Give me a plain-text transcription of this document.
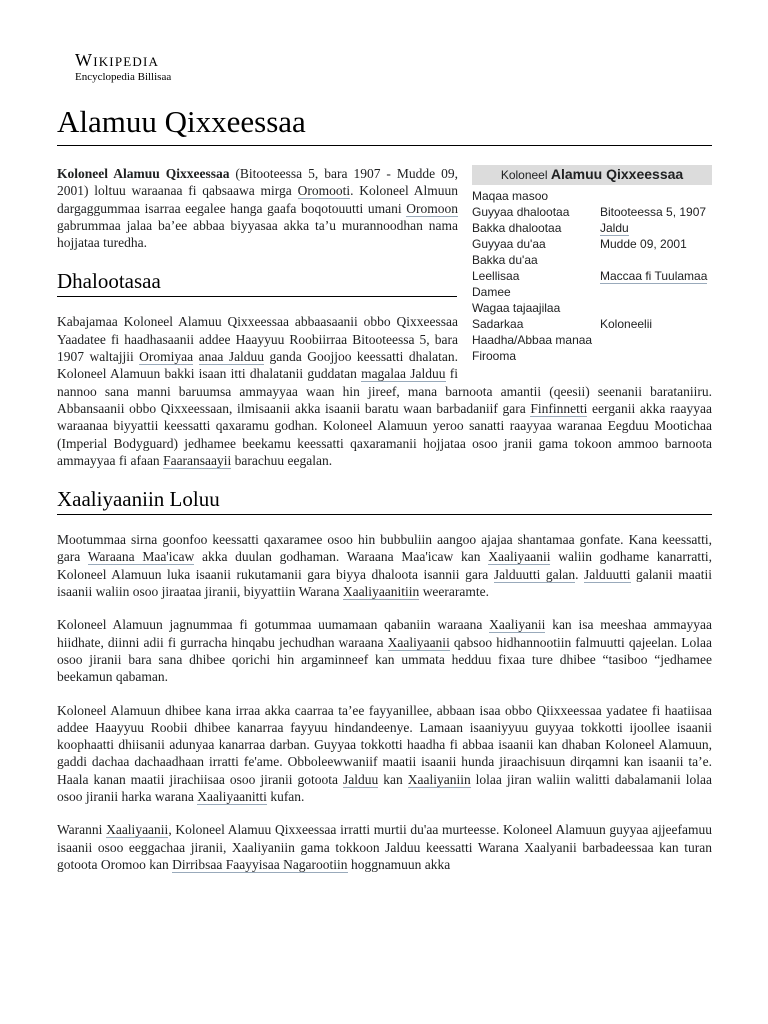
Wikipedia
Encyclopedia Billisaa
Alamuu Qixxeessaa
Koloneel Alamuu Qixxeessaa
Maqaa masoo	
Guyyaa dhalootaa	Bitooteessa 5, 1907
Bakka dhalootaa	Jaldu
Guyyaa du'aa	Mudde 09, 2001
Bakka du'aa	
Leellisaa	Maccaa fi Tuulamaa
Damee	
Wagaa tajaajilaa	
Sadarkaa	Koloneelii
Haadha/Abbaa manaa	
Firooma	

Koloneel Alamuu Qixxeessaa (Bitooteessa 5, bara 1907 - Mudde 09, 2001) loltuu waraanaa fi qabsaawa mirga Oromooti. Koloneel Almuun dargaggummaa isarraa eegalee hanga gaafa boqotouutti umani Oromoon gabrummaa jalaa ba’ee abbaa biyyasaa akka ta’u murannoodhan nama hojjataa turedha.

Dhalootasaa

Kabajamaa Koloneel Alamuu Qixxeessaa abbaasaanii obbo Qixxeessaa Yaadatee fi haadhasaanii addee Haayyuu Roobiirraa Bitooteessa 5, bara 1907 waltajjii Oromiyaa anaa Jalduu ganda Goojjoo keessatti dhalatan. Koloneel Alamuun bakki isaan itti dhalatanii guddatan magalaa Jalduu fi nannoo sana manni baruumsa ammayyaa waan hin jireef, mana barnoota amantii (qeesii) seenanii barataniiru. Abbansaanii obbo Qixxeessaan, ilmisaanii akka isaanii baratu waan barbadaniif gara Finfinnetti eerganii akka raayyaa waraanaa biyyattii keessatti qaxaramu godhan. Koloneel Alamuun yeroo sanatti raayyaa waranaa Eegduu Mootichaa (Imperial Bodyguard) jedhamee beekamu keessatti qaxaramanii hojjataa osoo jranii gama tokoon ammoo barnoota ammayyaa fi afaan Faaransaayii barachuu eegalan.

Xaaliyaaniin Loluu

Mootummaa sirna goonfoo keessatti qaxaramee osoo hin bubbuliin aangoo ajajaa shantamaa gonfate. Kana keessatti, gara Waraana Maa'icaw akka duulan godhaman. Waraana Maa'icaw kan Xaaliyaanii waliin godhame kanarratti, Koloneel Alamuun luka isaanii rukutamanii gara biyya dhaloota isannii gara Jalduutti galan. Jalduutti galanii maatii isaanii waliin osoo jiraataa jiranii, biyyattiin Warana Xaaliyaanitiin weeraramte.

Koloneel Alamuun jagnummaa fi gotummaa uumamaan qabaniin waraana Xaaliyanii kan isa meeshaa ammayyaa hiidhate, diinni adii fi gurracha hinqabu jechudhan waraana Xaaliyaanii qabsoo hidhannootiin falmuutti qajeelan. Lolaa osoo jiranii bara sana dhibee qorichi hin argaminneef kan ummata hedduu fixaa ture dhibee “tasiboo “jedhamee beekamun qabaman.

Koloneel Alamuun dhibee kana irraa akka caarraa ta’ee fayyanillee, abbaan isaa obbo Qiixxeessaa yadatee fi haatiisaa addee Haayyuu Roobii dhibee kanarraa fayyuu hindandeenye. Lamaan isaaniyyuu guyyaa tokkotti ijoollee isaanii koophaatti dhiisanii adunyaa kanarraa darban. Guyyaa tokkotti haadha fi abbaa isaanii kan dhaban Koloneel Alamuun, gaddi dachaa dachaadhaan irratti fe'ame. Obboleewwaniif maatii isaanii hunda jiraachisuun dirqamni kan isaanii ta’e. Haala kanan maatii jirachiisaa osoo jiranii gotoota Jalduu kan Xaaliyaniin lolaa jiran waliin walitti dabalamanii lolaa osoo jiranii harka warana Xaaliyaanitti kufan.

Waranni Xaaliyaanii, Koloneel Alamuu Qixxeessaa irratti murtii du'aa murteesse. Koloneel Alamuun guyyaa ajjeefamuu isaanii osoo eeggachaa jiranii, Xaaliyaniin gama tokkoon Jalduu keessatti Warana Xaalyanii barbadeessaa kan turan gotoota Oromoo kan Dirribsaa Faayyisaa Nagarootiin hoggnamuun akka
